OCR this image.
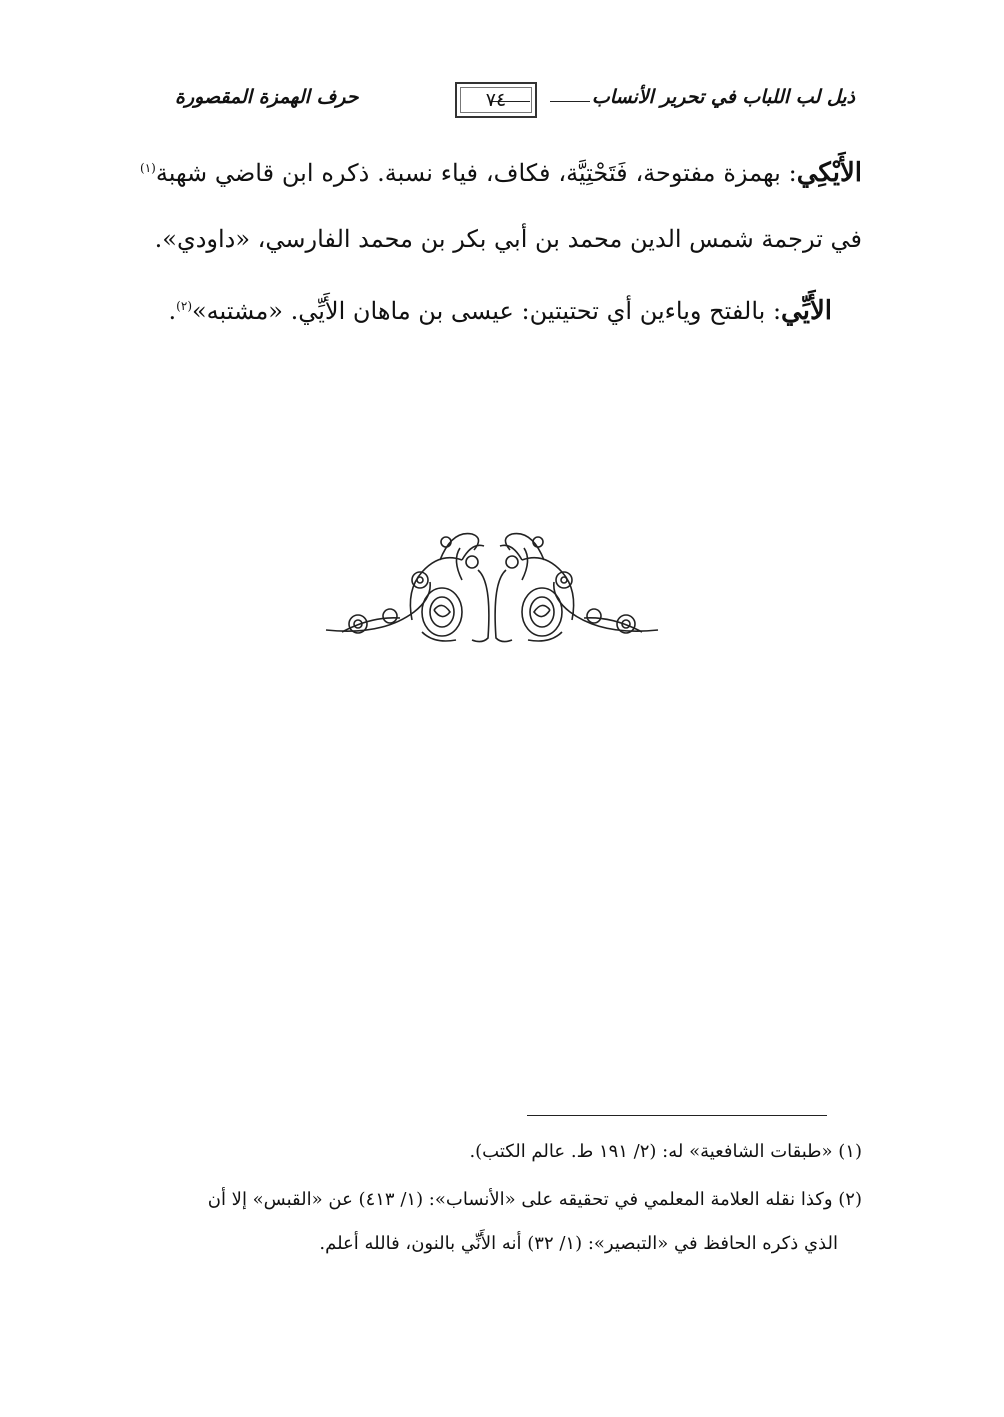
ذيل لب اللباب في تحرير الأنساب
٧٤
حرف الهمزة المقصورة

الأَيْكِي: بهمزة مفتوحة، فَتَحْتِيَّة، فكاف، فياء نسبة. ذكره ابن قاضي شهبة$^{(١)}$ في ترجمة شمس الدين محمد بن أبي بكر بن محمد الفارسي، «داودي».

الأَيِّي: بالفتح وياءين أي تحتيتين: عيسى بن ماهان الأَيِّي. «مشتبه»$^{(٢)}$.

(١) «طبقات الشافعية» له: (٢/ ١٩١ ط. عالم الكتب).

(٢) وكذا نقله العلامة المعلمي في تحقيقه على «الأنساب»: (١/ ٤١٣) عن «القبس» إلا أن
الذي ذكره الحافظ في «التبصير»: (١/ ٣٢) أنه الأَنِّي بالنون، فالله أعلم.
